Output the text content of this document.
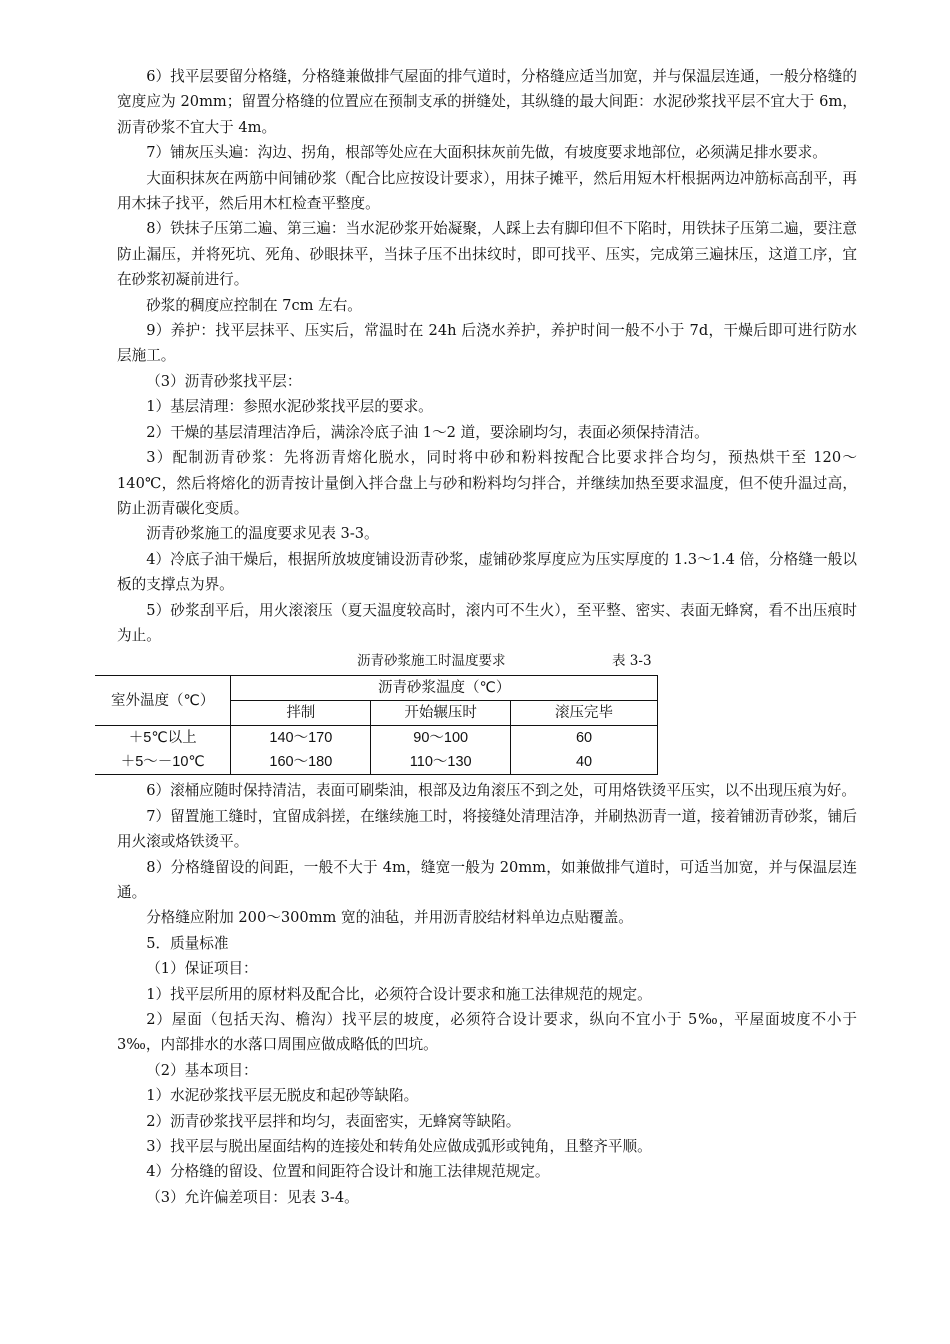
6）找平层要留分格缝，分格缝兼做排气屋面的排气道时，分格缝应适当加宽，并与保温层连通，一般分格缝的宽度应为 20mm；留置分格缝的位置应在预制支承的拼缝处，其纵缝的最大间距：水泥砂浆找平层不宜大于 6m，沥青砂浆不宜大于 4m。

7）铺灰压头遍：沟边、拐角，根部等处应在大面积抹灰前先做，有坡度要求地部位，必须满足排水要求。

大面积抹灰在两筋中间铺砂浆（配合比应按设计要求），用抹子摊平，然后用短木杆根据两边冲筋标高刮平，再用木抹子找平，然后用木杠检查平整度。

8）铁抹子压第二遍、第三遍：当水泥砂浆开始凝聚，人踩上去有脚印但不下陷时，用铁抹子压第二遍，要注意防止漏压，并将死坑、死角、砂眼抹平，当抹子压不出抹纹时，即可找平、压实，完成第三遍抹压，这道工序，宜在砂浆初凝前进行。

砂浆的稠度应控制在 7cm 左右。

9）养护：找平层抹平、压实后，常温时在 24h 后浇水养护，养护时间一般不小于 7d，干燥后即可进行防水层施工。

（3）沥青砂浆找平层：

1）基层清理：参照水泥砂浆找平层的要求。

2）干燥的基层清理洁净后，满涂冷底子油 1～2 道，要涂刷均匀，表面必须保持清洁。

3）配制沥青砂浆：先将沥青熔化脱水，同时将中砂和粉料按配合比要求拌合均匀，预热烘干至 120～140℃，然后将熔化的沥青按计量倒入拌合盘上与砂和粉料均匀拌合，并继续加热至要求温度，但不使升温过高，防止沥青碳化变质。

沥青砂浆施工的温度要求见表 3-3。

4）冷底子油干燥后，根据所放坡度铺设沥青砂浆，虚铺砂浆厚度应为压实厚度的 1.3～1.4 倍，分格缝一般以板的支撑点为界。

5）砂浆刮平后，用火滚滚压（夏天温度较高时，滚内可不生火），至平整、密实、表面无蜂窝，看不出压痕时为止。

沥青砂浆施工时温度要求	表 3-3
室外温度（℃）	沥青砂浆温度（℃）		
	拌制	开始辗压时	滚压完毕
＋5℃以上	140～170	90～100	60
＋5～－10℃	160～180	110～130	40

6）滚桶应随时保持清洁，表面可刷柴油，根部及边角滚压不到之处，可用烙铁烫平压实，以不出现压痕为好。

7）留置施工缝时，宜留成斜搓，在继续施工时，将接缝处清理洁净，并刷热沥青一道，接着铺沥青砂浆，铺后用火滚或烙铁烫平。

8）分格缝留设的间距，一般不大于 4m，缝宽一般为 20mm，如兼做排气道时，可适当加宽，并与保温层连通。

分格缝应附加 200～300mm 宽的油毡，并用沥青胶结材料单边点贴覆盖。

5．质量标准

（1）保证项目：

1）找平层所用的原材料及配合比，必须符合设计要求和施工法律规范的规定。

2）屋面（包括天沟、檐沟）找平层的坡度，必须符合设计要求，纵向不宜小于 5‰，平屋面坡度不小于 3‰，内部排水的水落口周围应做成略低的凹坑。

（2）基本项目：

1）水泥砂浆找平层无脱皮和起砂等缺陷。

2）沥青砂浆找平层拌和均匀，表面密实，无蜂窝等缺陷。

3）找平层与脱出屋面结构的连接处和转角处应做成弧形或钝角，且整齐平顺。

4）分格缝的留设、位置和间距符合设计和施工法律规范规定。

（3）允许偏差项目：见表 3-4。
